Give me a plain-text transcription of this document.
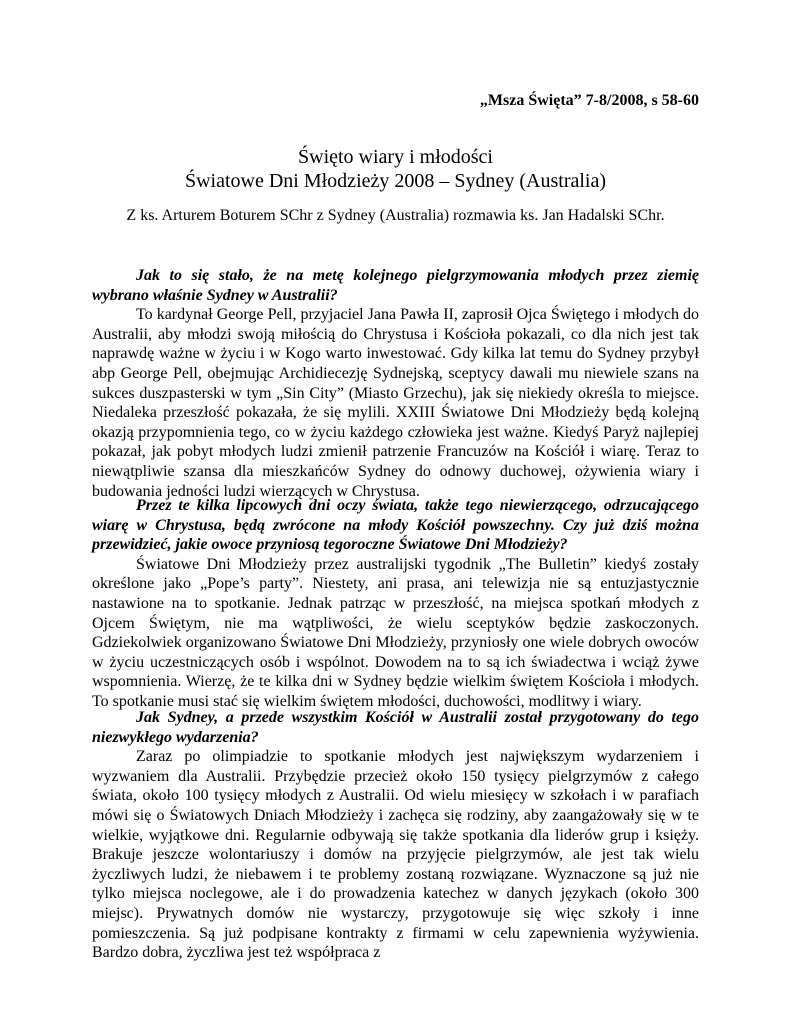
„Msza Święta” 7-8/2008, s 58-60
Święto wiary i młodości
Światowe Dni Młodzieży 2008 – Sydney (Australia)
Z ks. Arturem Boturem SChr z Sydney (Australia) rozmawia ks. Jan Hadalski SChr.

Jak to się stało, że na metę kolejnego pielgrzymowania młodych przez ziemię wybrano właśnie Sydney w Australii?

To kardynał George Pell, przyjaciel Jana Pawła II, zaprosił Ojca Świętego i młodych do Australii, aby młodzi swoją miłością do Chrystusa i Kościoła pokazali, co dla nich jest tak naprawdę ważne w życiu i w Kogo warto inwestować. Gdy kilka lat temu do Sydney przybył abp George Pell, obejmując Archidiecezję Sydnejską, sceptycy dawali mu niewiele szans na sukces duszpasterski w tym „Sin City” (Miasto Grzechu), jak się niekiedy określa to miejsce. Niedaleka przeszłość pokazała, że się mylili. XXIII Światowe Dni Młodzieży będą kolejną okazją przypomnienia tego, co w życiu każdego człowieka jest ważne. Kiedyś Paryż najlepiej pokazał, jak pobyt młodych ludzi zmienił patrzenie Francuzów na Kościół i wiarę. Teraz to niewątpliwie szansa dla mieszkańców Sydney do odnowy duchowej, ożywienia wiary i budowania jedności ludzi wierzących w Chrystusa.

Przez te kilka lipcowych dni oczy świata, także tego niewierzącego, odrzucającego wiarę w Chrystusa, będą zwrócone na młody Kościół powszechny. Czy już dziś można przewidzieć, jakie owoce przyniosą tegoroczne Światowe Dni Młodzieży?

Światowe Dni Młodzieży przez australijski tygodnik „The Bulletin” kiedyś zostały określone jako „Pope’s party”. Niestety, ani prasa, ani telewizja nie są entuzjastycznie nastawione na to spotkanie. Jednak patrząc w przeszłość, na miejsca spotkań młodych z Ojcem Świętym, nie ma wątpliwości, że wielu sceptyków będzie zaskoczonych. Gdziekolwiek organizowano Światowe Dni Młodzieży, przyniosły one wiele dobrych owoców w życiu uczestniczących osób i wspólnot. Dowodem na to są ich świadectwa i wciąż żywe wspomnienia. Wierzę, że te kilka dni w Sydney będzie wielkim świętem Kościoła i młodych. To spotkanie musi stać się wielkim świętem młodości, duchowości, modlitwy i wiary.

Jak Sydney, a przede wszystkim Kościół w Australii został przygotowany do tego niezwykłego wydarzenia?

Zaraz po olimpiadzie to spotkanie młodych jest największym wydarzeniem i wyzwaniem dla Australii. Przybędzie przecież około 150 tysięcy pielgrzymów z całego świata, około 100 tysięcy młodych z Australii. Od wielu miesięcy w szkołach i w parafiach mówi się o Światowych Dniach Młodzieży i zachęca się rodziny, aby zaangażowały się w te wielkie, wyjątkowe dni. Regularnie odbywają się także spotkania dla liderów grup i księży. Brakuje jeszcze wolontariuszy i domów na przyjęcie pielgrzymów, ale jest tak wielu życzliwych ludzi, że niebawem i te problemy zostaną rozwiązane. Wyznaczone są już nie tylko miejsca noclegowe, ale i do prowadzenia katechez w danych językach (około 300 miejsc). Prywatnych domów nie wystarczy, przygotowuje się więc szkoły i inne pomieszczenia. Są już podpisane kontrakty z firmami w celu zapewnienia wyżywienia. Bardzo dobra, życzliwa jest też współpraca z
